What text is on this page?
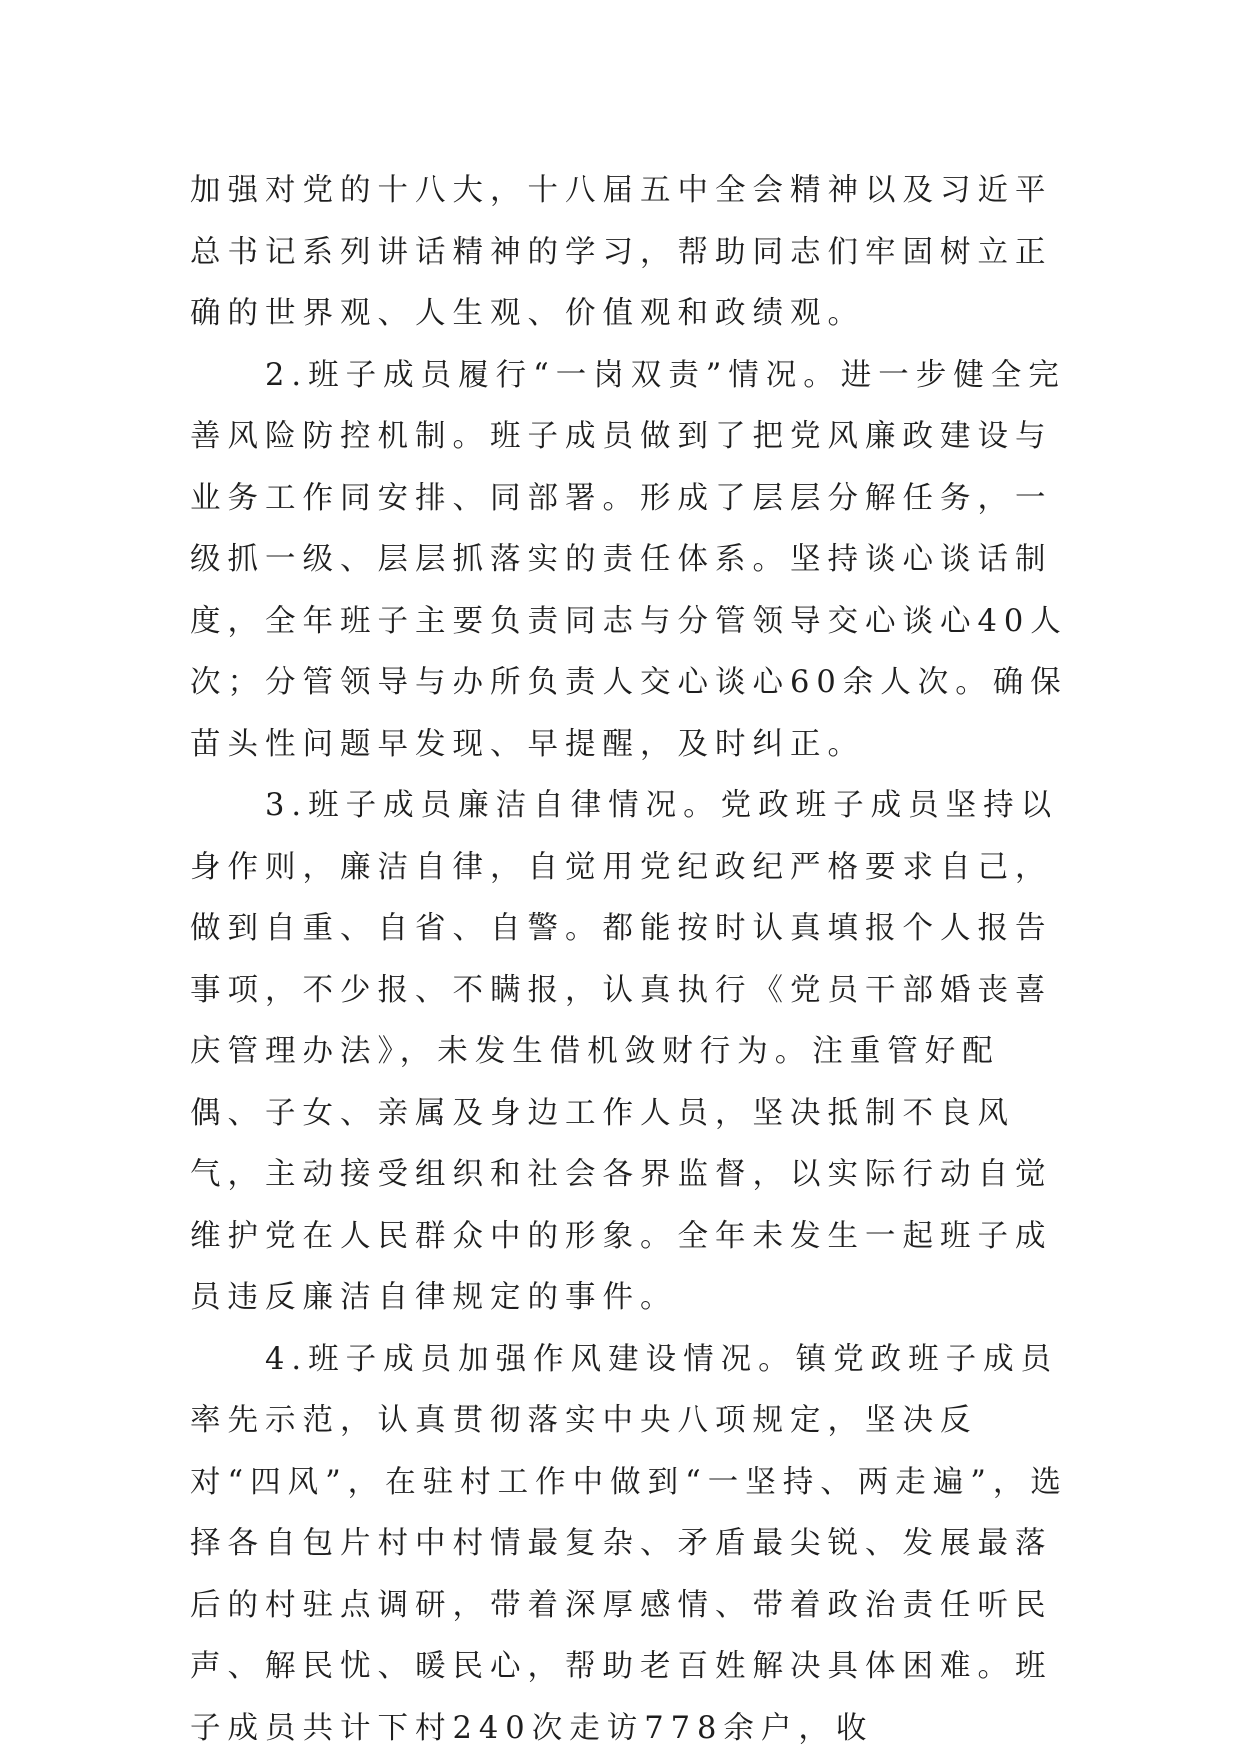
加强对党的十八大，十八届五中全会精神以及习近平总书记系列讲话精神的学习，帮助同志们牢固树立正确的世界观、人生观、价值观和政绩观。

2.班子成员履行“一岗双责”情况。进一步健全完善风险防控机制。班子成员做到了把党风廉政建设与业务工作同安排、同部署。形成了层层分解任务，一级抓一级、层层抓落实的责任体系。坚持谈心谈话制度，全年班子主要负责同志与分管领导交心谈心40人次；分管领导与办所负责人交心谈心60余人次。确保苗头性问题早发现、早提醒，及时纠正。

3.班子成员廉洁自律情况。党政班子成员坚持以身作则，廉洁自律，自觉用党纪政纪严格要求自己，做到自重、自省、自警。都能按时认真填报个人报告事项，不少报、不瞒报，认真执行《党员干部婚丧喜庆管理办法》，未发生借机敛财行为。注重管好配偶、子女、亲属及身边工作人员，坚决抵制不良风气，主动接受组织和社会各界监督，以实际行动自觉维护党在人民群众中的形象。全年未发生一起班子成员违反廉洁自律规定的事件。

4.班子成员加强作风建设情况。镇党政班子成员率先示范，认真贯彻落实中央八项规定，坚决反对“四风”，在驻村工作中做到“一坚持、两走遍”，选择各自包片村中村情最复杂、矛盾最尖锐、发展最落后的村驻点调研，带着深厚感情、带着政治责任听民声、解民忧、暖民心，帮助老百姓解决具体困难。班子成员共计下村240次走访778余户，收
